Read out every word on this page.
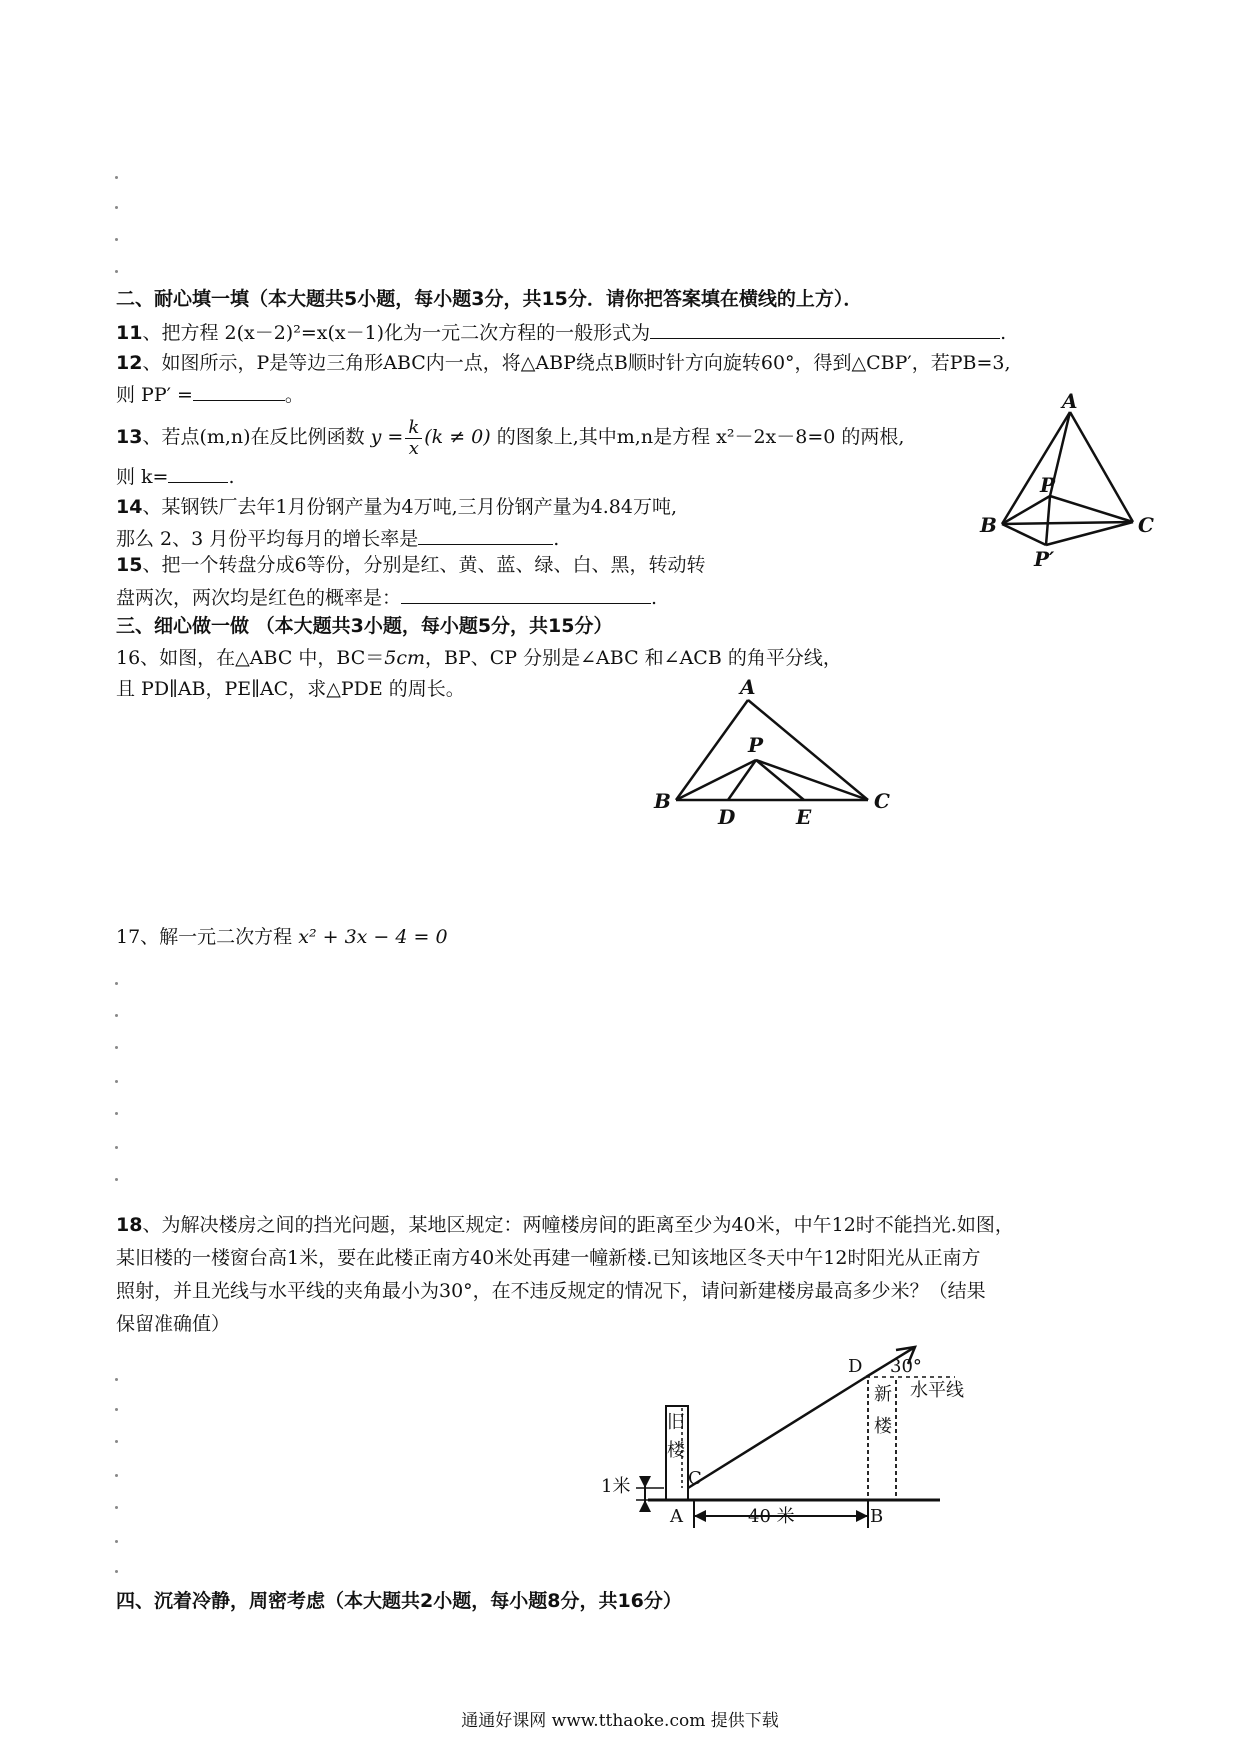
二、耐心填一填（本大题共5小题，每小题3分，共15分．请你把答案填在横线的上方）．
11、把方程 2(x－2)²=x(x－1)化为一元二次方程的一般形式为	.
12、如图所示，P是等边三角形ABC内一点，将△ABP绕点B顺时针方向旋转60°，得到△CBP′，若PB=3,
则 PP′ =	。
13、若点(m,n)在反比例函数 $y = \frac{k}{x} (k \ne 0)$ 的图象上,其中m,n是方程 x²－2x－8=0 的两根,
则 k=	.
14、某钢铁厂去年1月份钢产量为4万吨,三月份钢产量为4.84万吨,
那么 2、3 月份平均每月的增长率是	.
15、把一个转盘分成6等份，分别是红、黄、蓝、绿、白、黑，转动转
盘两次，两次均是红色的概率是：	.
三、细心做一做 （本大题共3小题，每小题5分，共15分）
16、如图，在△ABC 中，BC＝5cm，BP、CP 分别是∠ABC 和∠ACB 的角平分线，
且 PD∥AB，PE∥AC，求△PDE 的周长。
17、解一元二次方程 x² + 3x − 4 = 0
18、为解决楼房之间的挡光问题，某地区规定：两幢楼房间的距离至少为40米，中午12时不能挡光.如图，
某旧楼的一楼窗台高1米，要在此楼正南方40米处再建一幢新楼.已知该地区冬天中午12时阳光从正南方
照射，并且光线与水平线的夹角最小为30°，在不违反规定的情况下，请问新建楼房最高多少米？（结果
保留准确值）
四、沉着冷静，周密考虑（本大题共2小题，每小题8分，共16分）
通通好课网 www.tthaoke.com 提供下载
A
B	C
P
P′
A
B	C
P
D	E
D 30°
新
楼
水平线
旧
楼
C
A	B
1米
40 米
